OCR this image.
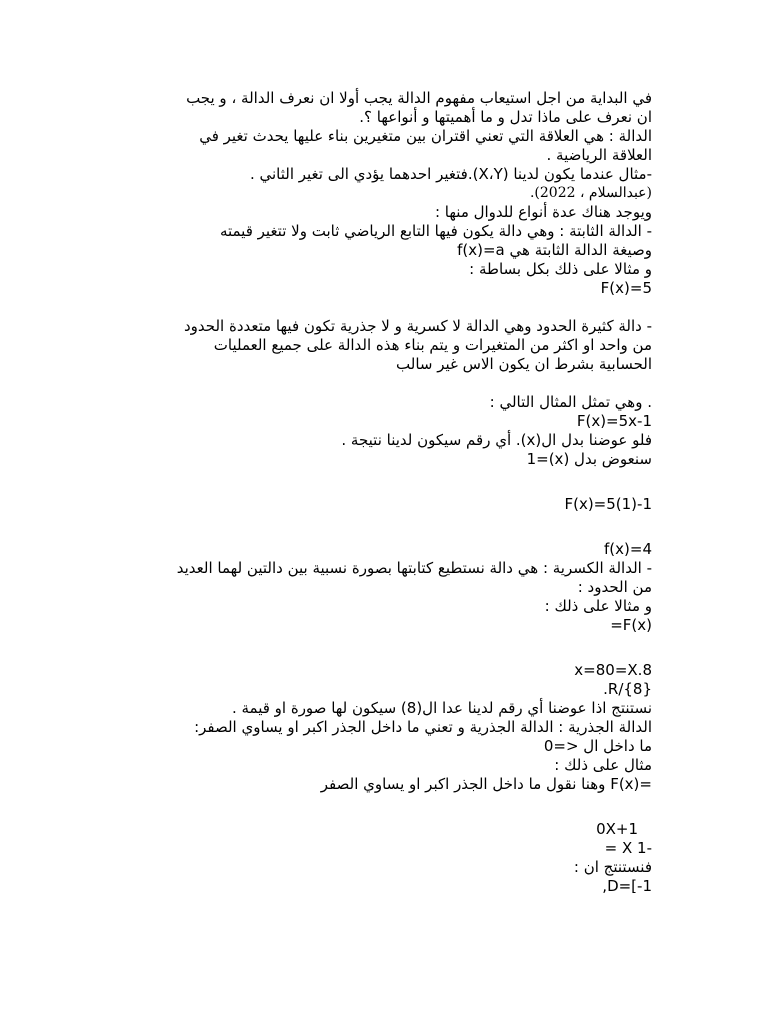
في البداية من اجل استيعاب مفهوم الدالة يجب أولا ان نعرف الدالة ، و يجب
ان نعرف على ماذا تدل و ما أهميتها و أنواعها ؟.
الدالة : هي العلاقة التي تعني اقتران بين متغيرين بناء عليها يحدث تغير في
العلاقة الرياضية .
-مثال عندما يكون لدينا (X،Y).فتغير احدهما يؤدي الى تغير الثاني .
(عبدالسلام ، 2022).
ويوجد هناك عدة أنواع للدوال منها :
- الدالة الثابتة : وهي دالة يكون فيها التابع الرياضي ثابت ولا تتغير قيمته
وصيغة الدالة الثابتة هي f(x)=a
و مثالا على ذلك بكل بساطة :
F(x)=5
- دالة كثيرة الحدود وهي الدالة لا كسرية و لا جذرية تكون فيها متعددة الحدود
من واحد او اكثر من المتغيرات و يتم بناء هذه الدالة على جميع العمليات
الحسابية بشرط ان يكون الاس غير سالب
. وهي تمثل المثال التالي :
F(x)=5x-1
فلو عوضنا بدل ال(x). أي رقم سيكون لدينا نتيجة .
سنعوض بدل (x)=1
F(x)=5(1)-1
f(x)=4
- الدالة الكسرية : هي دالة نستطيع كتابتها بصورة نسبية بين دالتين لهما العديد
من الحدود :
و مثالا على ذلك :
=F(x)
x=80=X.8
.R/{8}
نستنتج اذا عوضنا أي رقم لدينا عدا ال(8) سيكون لها صورة او قيمة .
الدالة الجذرية : الدالة الجذرية و تعني ما داخل الجذر اكبر او يساوي الصفر:
ما داخل ال <=0
مثال على ذلك :
=F(x) وهنا نقول ما داخل الجذر اكبر او يساوي الصفر
0X+1
= X 1-
فنستنتج ان :
,D=[-1
